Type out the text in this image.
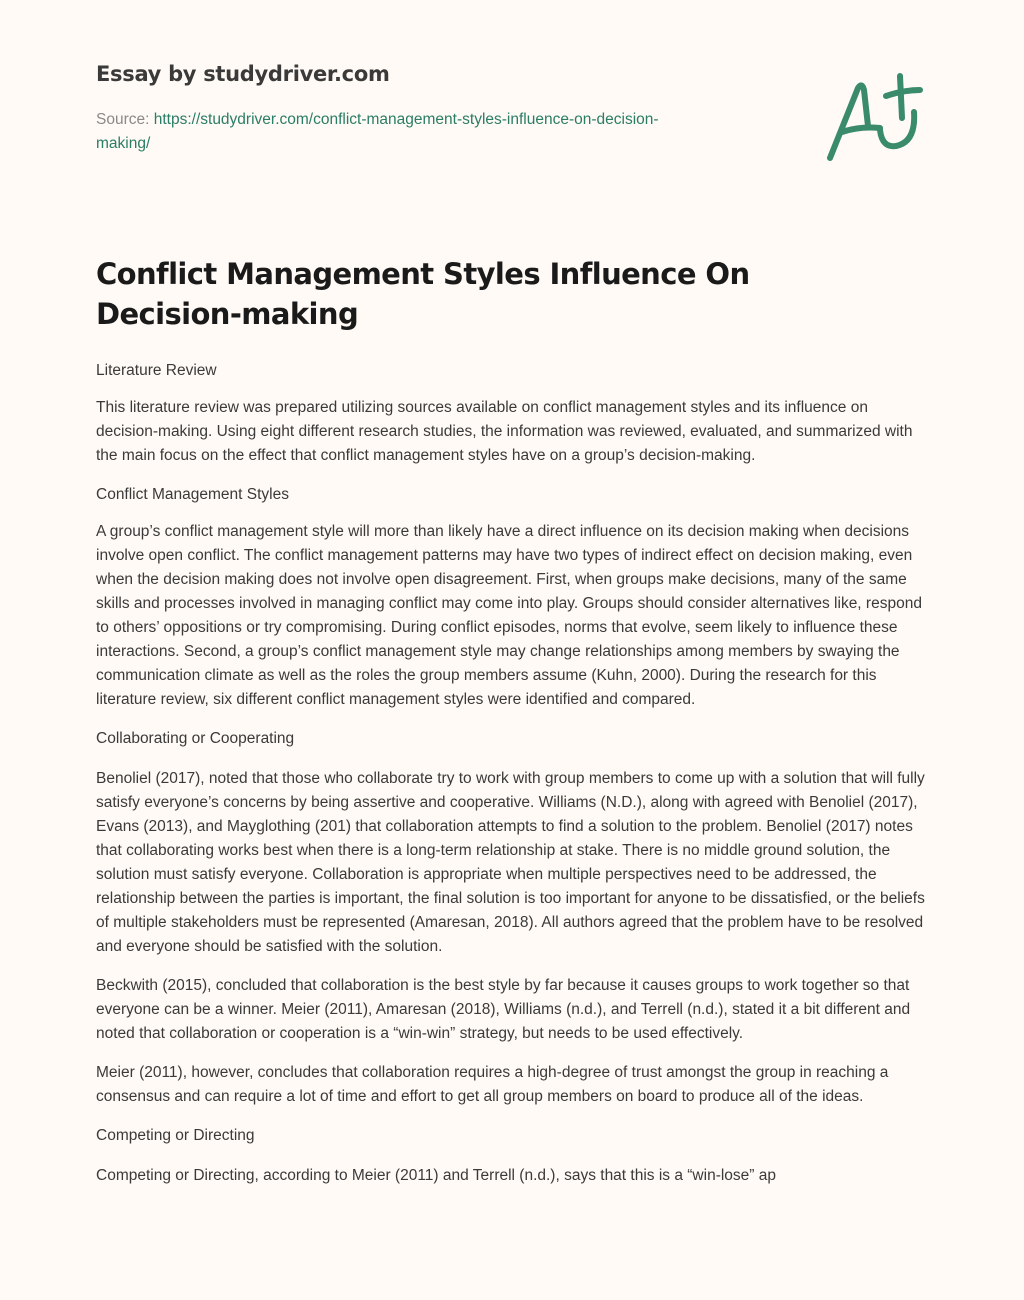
Essay by studydriver.com
Source: https://studydriver.com/conflict-management-styles-influence-on-decision-
making/
Conflict Management Styles Influence On Decision-making
Literature Review

This literature review was prepared utilizing sources available on conflict management styles and its influence on decision-making. Using eight different research studies, the information was reviewed, evaluated, and summarized with the main focus on the effect that conflict management styles have on a group’s decision-making.

Conflict Management Styles

A group’s conflict management style will more than likely have a direct influence on its decision making when decisions involve open conflict. The conflict management patterns may have two types of indirect effect on decision making, even when the decision making does not involve open disagreement. First, when groups make decisions, many of the same skills and processes involved in managing conflict may come into play. Groups should consider alternatives like, respond to others’ oppositions or try compromising. During conflict episodes, norms that evolve, seem likely to influence these interactions. Second, a group’s conflict management style may change relationships among members by swaying the communication climate as well as the roles the group members assume (Kuhn, 2000). During the research for this literature review, six different conflict management styles were identified and compared.

Collaborating or Cooperating

Benoliel (2017), noted that those who collaborate try to work with group members to come up with a solution that will fully satisfy everyone’s concerns by being assertive and cooperative. Williams (N.D.), along with agreed with Benoliel (2017), Evans (2013), and Mayglothing (201) that collaboration attempts to find a solution to the problem. Benoliel (2017) notes that collaborating works best when there is a long-term relationship at stake. There is no middle ground solution, the solution must satisfy everyone. Collaboration is appropriate when multiple perspectives need to be addressed, the relationship between the parties is important, the final solution is too important for anyone to be dissatisfied, or the beliefs of multiple stakeholders must be represented (Amaresan, 2018). All authors agreed that the problem have to be resolved and everyone should be satisfied with the solution.

Beckwith (2015), concluded that collaboration is the best style by far because it causes groups to work together so that everyone can be a winner. Meier (2011), Amaresan (2018), Williams (n.d.), and Terrell (n.d.), stated it a bit different and noted that collaboration or cooperation is a “win-win” strategy, but needs to be used effectively.

Meier (2011), however, concludes that collaboration requires a high-degree of trust amongst the group in reaching a consensus and can require a lot of time and effort to get all group members on board to produce all of the ideas.

Competing or Directing

Competing or Directing, according to Meier (2011) and Terrell (n.d.), says that this is a “win-lose” ap
